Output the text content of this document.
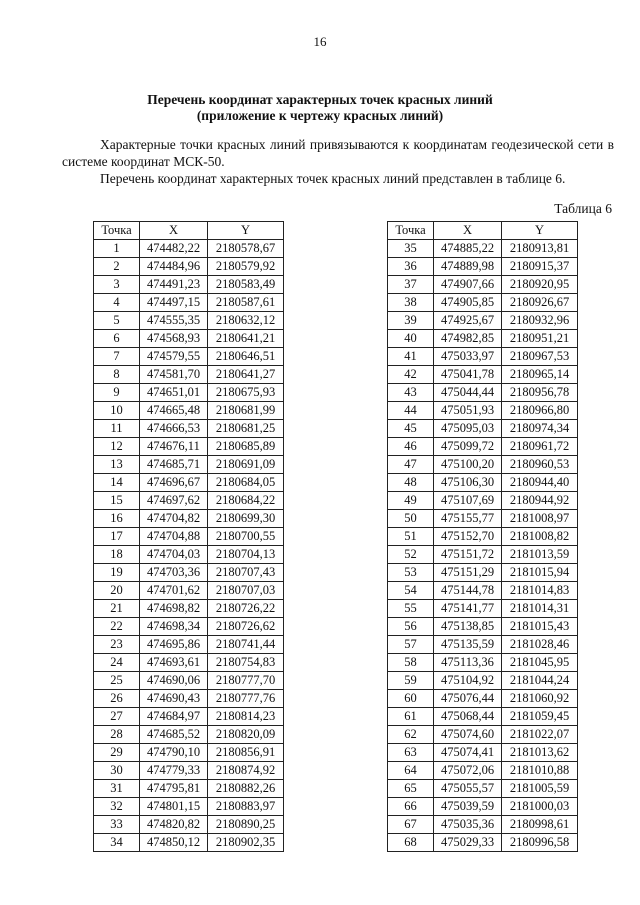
16
Перечень координат характерных точек красных линий
(приложение к чертежу красных линий)
Характерные точки красных линий привязываются к координатам геодезической сети в системе координат МСК-50.
Перечень координат характерных точек красных линий представлен в таблице 6.
Таблица 6
Точка	X	Y
1	474482,22	2180578,67
2	474484,96	2180579,92
3	474491,23	2180583,49
4	474497,15	2180587,61
5	474555,35	2180632,12
6	474568,93	2180641,21
7	474579,55	2180646,51
8	474581,70	2180641,27
9	474651,01	2180675,93
10	474665,48	2180681,99
11	474666,53	2180681,25
12	474676,11	2180685,89
13	474685,71	2180691,09
14	474696,67	2180684,05
15	474697,62	2180684,22
16	474704,82	2180699,30
17	474704,88	2180700,55
18	474704,03	2180704,13
19	474703,36	2180707,43
20	474701,62	2180707,03
21	474698,82	2180726,22
22	474698,34	2180726,62
23	474695,86	2180741,44
24	474693,61	2180754,83
25	474690,06	2180777,70
26	474690,43	2180777,76
27	474684,97	2180814,23
28	474685,52	2180820,09
29	474790,10	2180856,91
30	474779,33	2180874,92
31	474795,81	2180882,26
32	474801,15	2180883,97
33	474820,82	2180890,25
34	474850,12	2180902,35
Точка	X	Y
35	474885,22	2180913,81
36	474889,98	2180915,37
37	474907,66	2180920,95
38	474905,85	2180926,67
39	474925,67	2180932,96
40	474982,85	2180951,21
41	475033,97	2180967,53
42	475041,78	2180965,14
43	475044,44	2180956,78
44	475051,93	2180966,80
45	475095,03	2180974,34
46	475099,72	2180961,72
47	475100,20	2180960,53
48	475106,30	2180944,40
49	475107,69	2180944,92
50	475155,77	2181008,97
51	475152,70	2181008,82
52	475151,72	2181013,59
53	475151,29	2181015,94
54	475144,78	2181014,83
55	475141,77	2181014,31
56	475138,85	2181015,43
57	475135,59	2181028,46
58	475113,36	2181045,95
59	475104,92	2181044,24
60	475076,44	2181060,92
61	475068,44	2181059,45
62	475074,60	2181022,07
63	475074,41	2181013,62
64	475072,06	2181010,88
65	475055,57	2181005,59
66	475039,59	2181000,03
67	475035,36	2180998,61
68	475029,33	2180996,58
